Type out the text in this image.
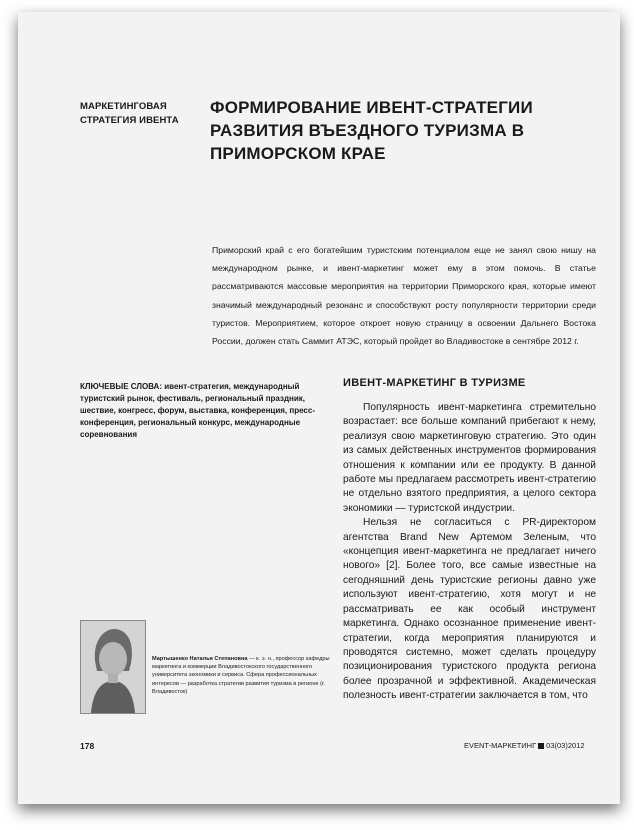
МАРКЕТИНГОВАЯ СТРАТЕГИЯ ИВЕНТА
ФОРМИРОВАНИЕ ИВЕНТ-СТРАТЕГИИ РАЗВИТИЯ ВЪЕЗДНОГО ТУРИЗМА В ПРИМОРСКОМ КРАЕ
Приморский край с его богатейшим туристским потенциалом еще не занял свою нишу на международном рынке, и ивент-маркетинг может ему в этом помочь. В статье рассматриваются массовые мероприятия на территории Приморского края, которые имеют значимый международный резонанс и способствуют росту популярности территории среди туристов. Мероприятием, которое откроет новую страницу в освоении Дальнего Востока России, должен стать Саммит АТЭС, который пройдет во Владивостоке в сентябре 2012 г.
КЛЮЧЕВЫЕ СЛОВА: ивент-стратегия, международный туристский рынок, фестиваль, региональный праздник, шествие, конгресс, форум, выставка, конференция, пресс-конференция, региональный конкурс, международные соревнования
ИВЕНТ-МАРКЕТИНГ В ТУРИЗМЕ

Популярность ивент-маркетинга стремительно возрастает: все больше компаний прибегают к нему, реализуя свою маркетинговую стратегию. Это один из самых действенных инструментов формирования отношения к компании или ее продукту. В данной работе мы предлагаем рассмотреть ивент-стратегию не отдельно взятого предприятия, а целого сектора экономики — туристской индустрии.

Нельзя не согласиться с PR-директором агентства Brand New Артемом Зеленым, что «концепция ивент-маркетинга не предлагает ничего нового» [2]. Более того, все самые известные на сегодняшний день туристские регионы давно уже используют ивент-стратегию, хотя могут и не рассматривать ее как особый инструмент маркетинга. Однако осознанное применение ивент-стратегии, когда мероприятия планируются и проводятся системно, может сделать процедуру позиционирования туристского продукта региона более прозрачной и эффективной. Академическая полезность ивент-стратегии заключается в том, что

Мартышенко Наталья Степановна — к. э. н., профессор кафедры маркетинга и коммерции Владивостокского государственного университета экономики и сервиса. Сфера профессиональных интересов — разработка стратегии развития туризма в регионе (г. Владивосток)
178	EVENT-МАРКЕТИНГ 03(03)2012
